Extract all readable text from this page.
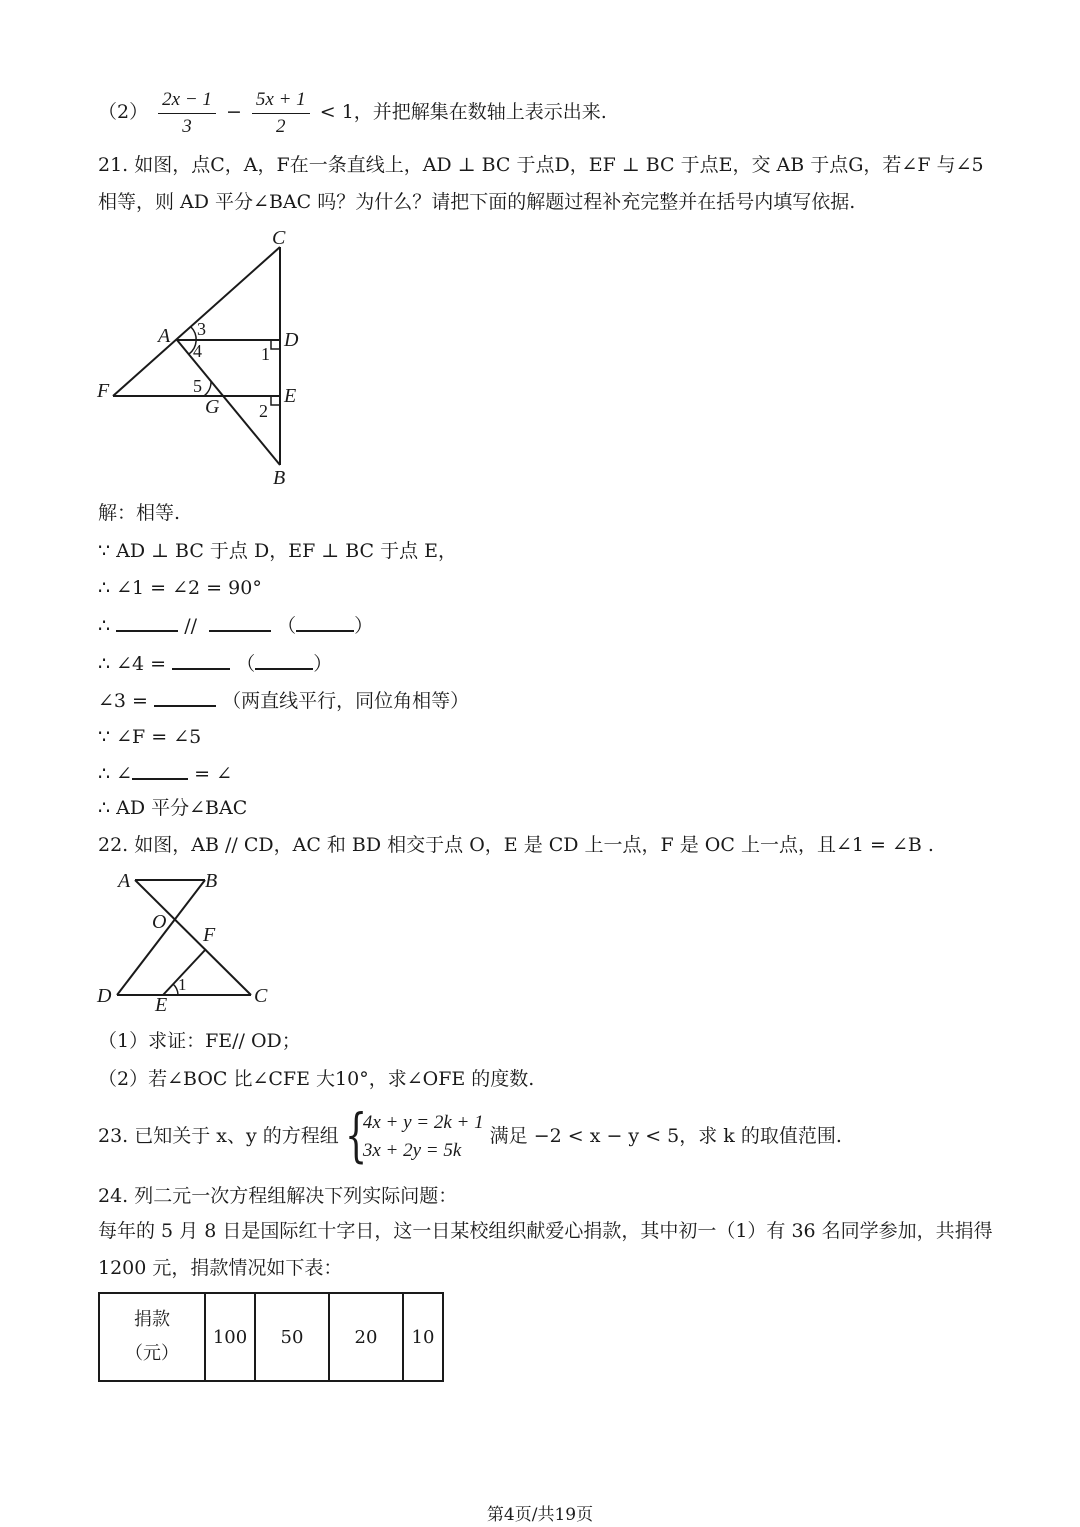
$(2) \frac{2x - 1}{3} - \frac{5x + 1}{2} < 1$，并把解集在数轴上表示出来.
21. 如图，点C，A，F在一条直线上，AD ⊥ BC 于点D，EF ⊥ BC 于点E，交 AB 于点G，若∠F 与∠5
相等，则 AD 平分∠BAC 吗？为什么？请把下面的解题过程补充完整并在括号内填写依据.
C
A	D
F
G	E
B
3
4	1
5
2
解：相等.
∵ AD ⊥ BC 于点 D，EF ⊥ BC 于点 E，
∴ ∠1 = ∠2 = 90°
∴	//	（	）
∴ ∠4 =	（	）
∠3 =	（两直线平行，同位角相等）
∵ ∠F = ∠5
∴ ∠	= ∠
∴ AD 平分∠BAC
22. 如图，AB // CD，AC 和 BD 相交于点 O，E 是 CD 上一点，F 是 OC 上一点，且∠1 = ∠B .
A	B
O
F
D E	C
1
（1）求证：FE// OD；
（2）若∠BOC 比∠CFE 大10°，求∠OFE 的度数.
23. 已知关于 x、y 的方程组 {
4x + y = 2k + 1
3x + 2y = 5k
满足 −2 < x − y < 5，求 k 的取值范围.
24. 列二元一次方程组解决下列实际问题：
每年的 5 月 8 日是国际红十字日，这一日某校组织献爱心捐款，其中初一（1）有 36 名同学参加，共捐得
1200 元，捐款情况如下表：
捐款
（元）	100	50	20	10
第4页/共19页
